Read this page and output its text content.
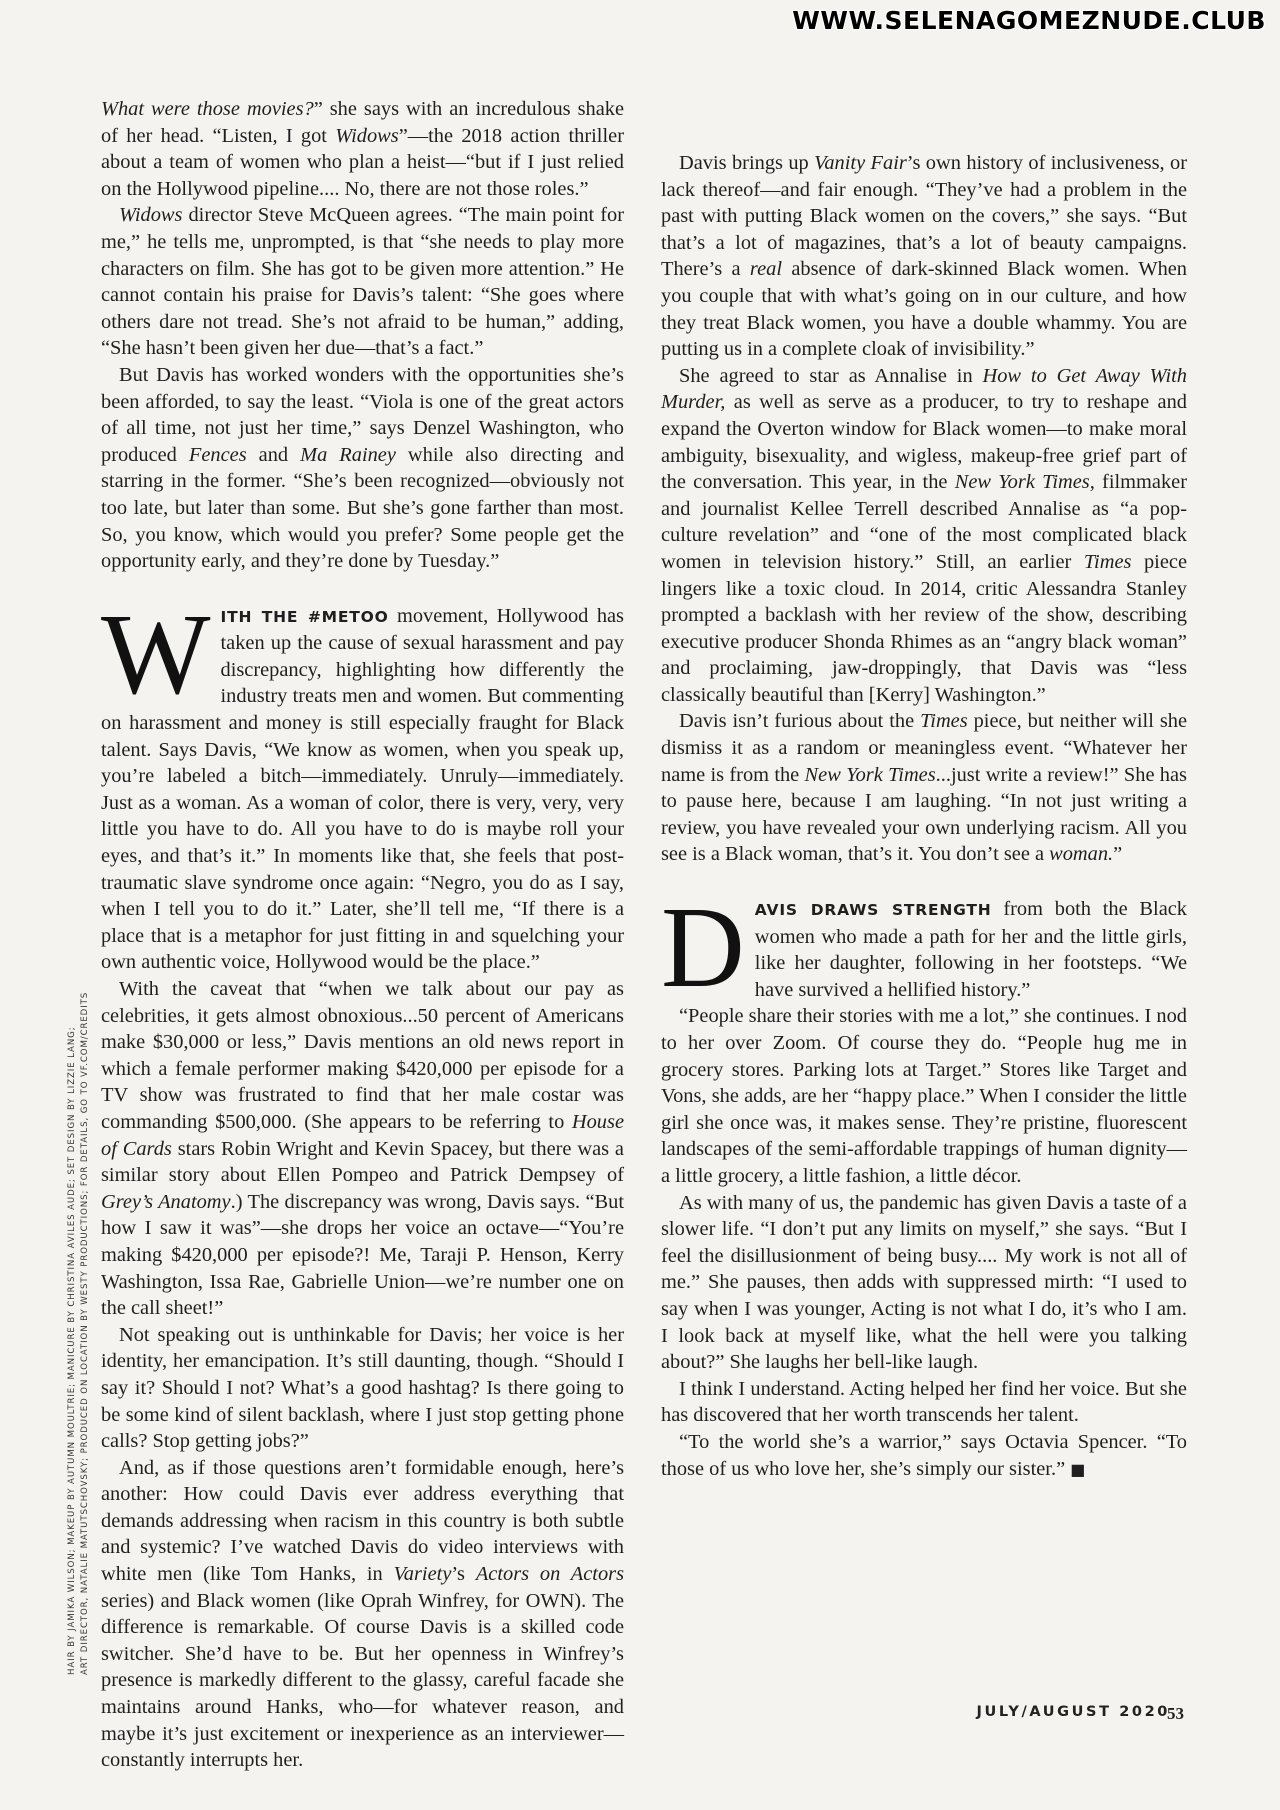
WWW.SELENAGOMEZNUDE.CLUB
HAIR BY JAMIKA WILSON; MAKEUP BY AUTUMN MOULTRIE; MANICURE BY CHRISTINA AVILES AUDE; SET DESIGN BY LIZZIE LANG; ART DIRECTOR, NATALIE MATUTSCHOVSKY; PRODUCED ON LOCATION BY WESTY PRODUCTIONS; FOR DETAILS, GO TO VF.COM/CREDITS

What were those movies?” she says with an incredulous shake of her head. “Listen, I got Widows”—the 2018 action thriller about a team of women who plan a heist—“but if I just relied on the Hollywood pipeline.... No, there are not those roles.”

Widows director Steve McQueen agrees. “The main point for me,” he tells me, unprompted, is that “she needs to play more characters on film. She has got to be given more attention.” He cannot contain his praise for Davis’s talent: “She goes where others dare not tread. She’s not afraid to be human,” adding, “She hasn’t been given her due—that’s a fact.”

But Davis has worked wonders with the opportunities she’s been afforded, to say the least. “Viola is one of the great actors of all time, not just her time,” says Denzel Washington, who produced Fences and Ma Rainey while also directing and starring in the former. “She’s been recognized—obviously not too late, but later than some. But she’s gone farther than most. So, you know, which would you prefer? Some people get the opportunity early, and they’re done by Tuesday.”

WITH THE #METOO movement, Hollywood has taken up the cause of sexual harassment and pay discrepancy, highlighting how differently the industry treats men and women. But commenting on harassment and money is still especially fraught for Black talent. Says Davis, “We know as women, when you speak up, you’re labeled a bitch—immediately. Unruly—immediately. Just as a woman. As a woman of color, there is very, very, very little you have to do. All you have to do is maybe roll your eyes, and that’s it.” In moments like that, she feels that post-traumatic slave syndrome once again: “Negro, you do as I say, when I tell you to do it.” Later, she’ll tell me, “If there is a place that is a metaphor for just fitting in and squelching your own authentic voice, Hollywood would be the place.”

With the caveat that “when we talk about our pay as celebrities, it gets almost obnoxious...50 percent of Americans make $30,000 or less,” Davis mentions an old news report in which a female performer making $420,000 per episode for a TV show was frustrated to find that her male costar was commanding $500,000. (She appears to be referring to House of Cards stars Robin Wright and Kevin Spacey, but there was a similar story about Ellen Pompeo and Patrick Dempsey of Grey’s Anatomy.) The discrepancy was wrong, Davis says. “But how I saw it was”—she drops her voice an octave—“You’re making $420,000 per episode?! Me, Taraji P. Henson, Kerry Washington, Issa Rae, Gabrielle Union—we’re number one on the call sheet!”

Not speaking out is unthinkable for Davis; her voice is her identity, her emancipation. It’s still daunting, though. “Should I say it? Should I not? What’s a good hashtag? Is there going to be some kind of silent backlash, where I just stop getting phone calls? Stop getting jobs?”

And, as if those questions aren’t formidable enough, here’s another: How could Davis ever address everything that demands addressing when racism in this country is both subtle and systemic? I’ve watched Davis do video interviews with white men (like Tom Hanks, in Variety’s Actors on Actors series) and Black women (like Oprah Winfrey, for OWN). The difference is remarkable. Of course Davis is a skilled code switcher. She’d have to be. But her openness in Winfrey’s presence is markedly different to the glassy, careful facade she maintains around Hanks, who—for whatever reason, and maybe it’s just excitement or inexperience as an interviewer—constantly interrupts her.

Davis brings up Vanity Fair’s own history of inclusiveness, or lack thereof—and fair enough. “They’ve had a problem in the past with putting Black women on the covers,” she says. “But that’s a lot of magazines, that’s a lot of beauty campaigns. There’s a real absence of dark-skinned Black women. When you couple that with what’s going on in our culture, and how they treat Black women, you have a double whammy. You are putting us in a complete cloak of invisibility.”

She agreed to star as Annalise in How to Get Away With Murder, as well as serve as a producer, to try to reshape and expand the Overton window for Black women—to make moral ambiguity, bisexuality, and wigless, makeup-free grief part of the conversation. This year, in the New York Times, filmmaker and journalist Kellee Terrell described Annalise as “a pop-culture revelation” and “one of the most complicated black women in television history.” Still, an earlier Times piece lingers like a toxic cloud. In 2014, critic Alessandra Stanley prompted a backlash with her review of the show, describing executive producer Shonda Rhimes as an “angry black woman” and proclaiming, jaw-droppingly, that Davis was “less classically beautiful than [Kerry] Washington.”

Davis isn’t furious about the Times piece, but neither will she dismiss it as a random or meaningless event. “Whatever her name is from the New York Times...just write a review!” She has to pause here, because I am laughing. “In not just writing a review, you have revealed your own underlying racism. All you see is a Black woman, that’s it. You don’t see a woman.”

DAVIS DRAWS STRENGTH from both the Black women who made a path for her and the little girls, like her daughter, following in her footsteps. “We have survived a hellified history.”

“People share their stories with me a lot,” she continues. I nod to her over Zoom. Of course they do. “People hug me in grocery stores. Parking lots at Target.” Stores like Target and Vons, she adds, are her “happy place.” When I consider the little girl she once was, it makes sense. They’re pristine, fluorescent landscapes of the semi-affordable trappings of human dignity—a little grocery, a little fashion, a little décor.

As with many of us, the pandemic has given Davis a taste of a slower life. “I don’t put any limits on myself,” she says. “But I feel the disillusionment of being busy.... My work is not all of me.” She pauses, then adds with suppressed mirth: “I used to say when I was younger, Acting is not what I do, it’s who I am. I look back at myself like, what the hell were you talking about?” She laughs her bell-like laugh.

I think I understand. Acting helped her find her voice. But she has discovered that her worth transcends her talent.

“To the world she’s a warrior,” says Octavia Spencer. “To those of us who love her, she’s simply our sister.” ■

JULY/AUGUST 2020
53
